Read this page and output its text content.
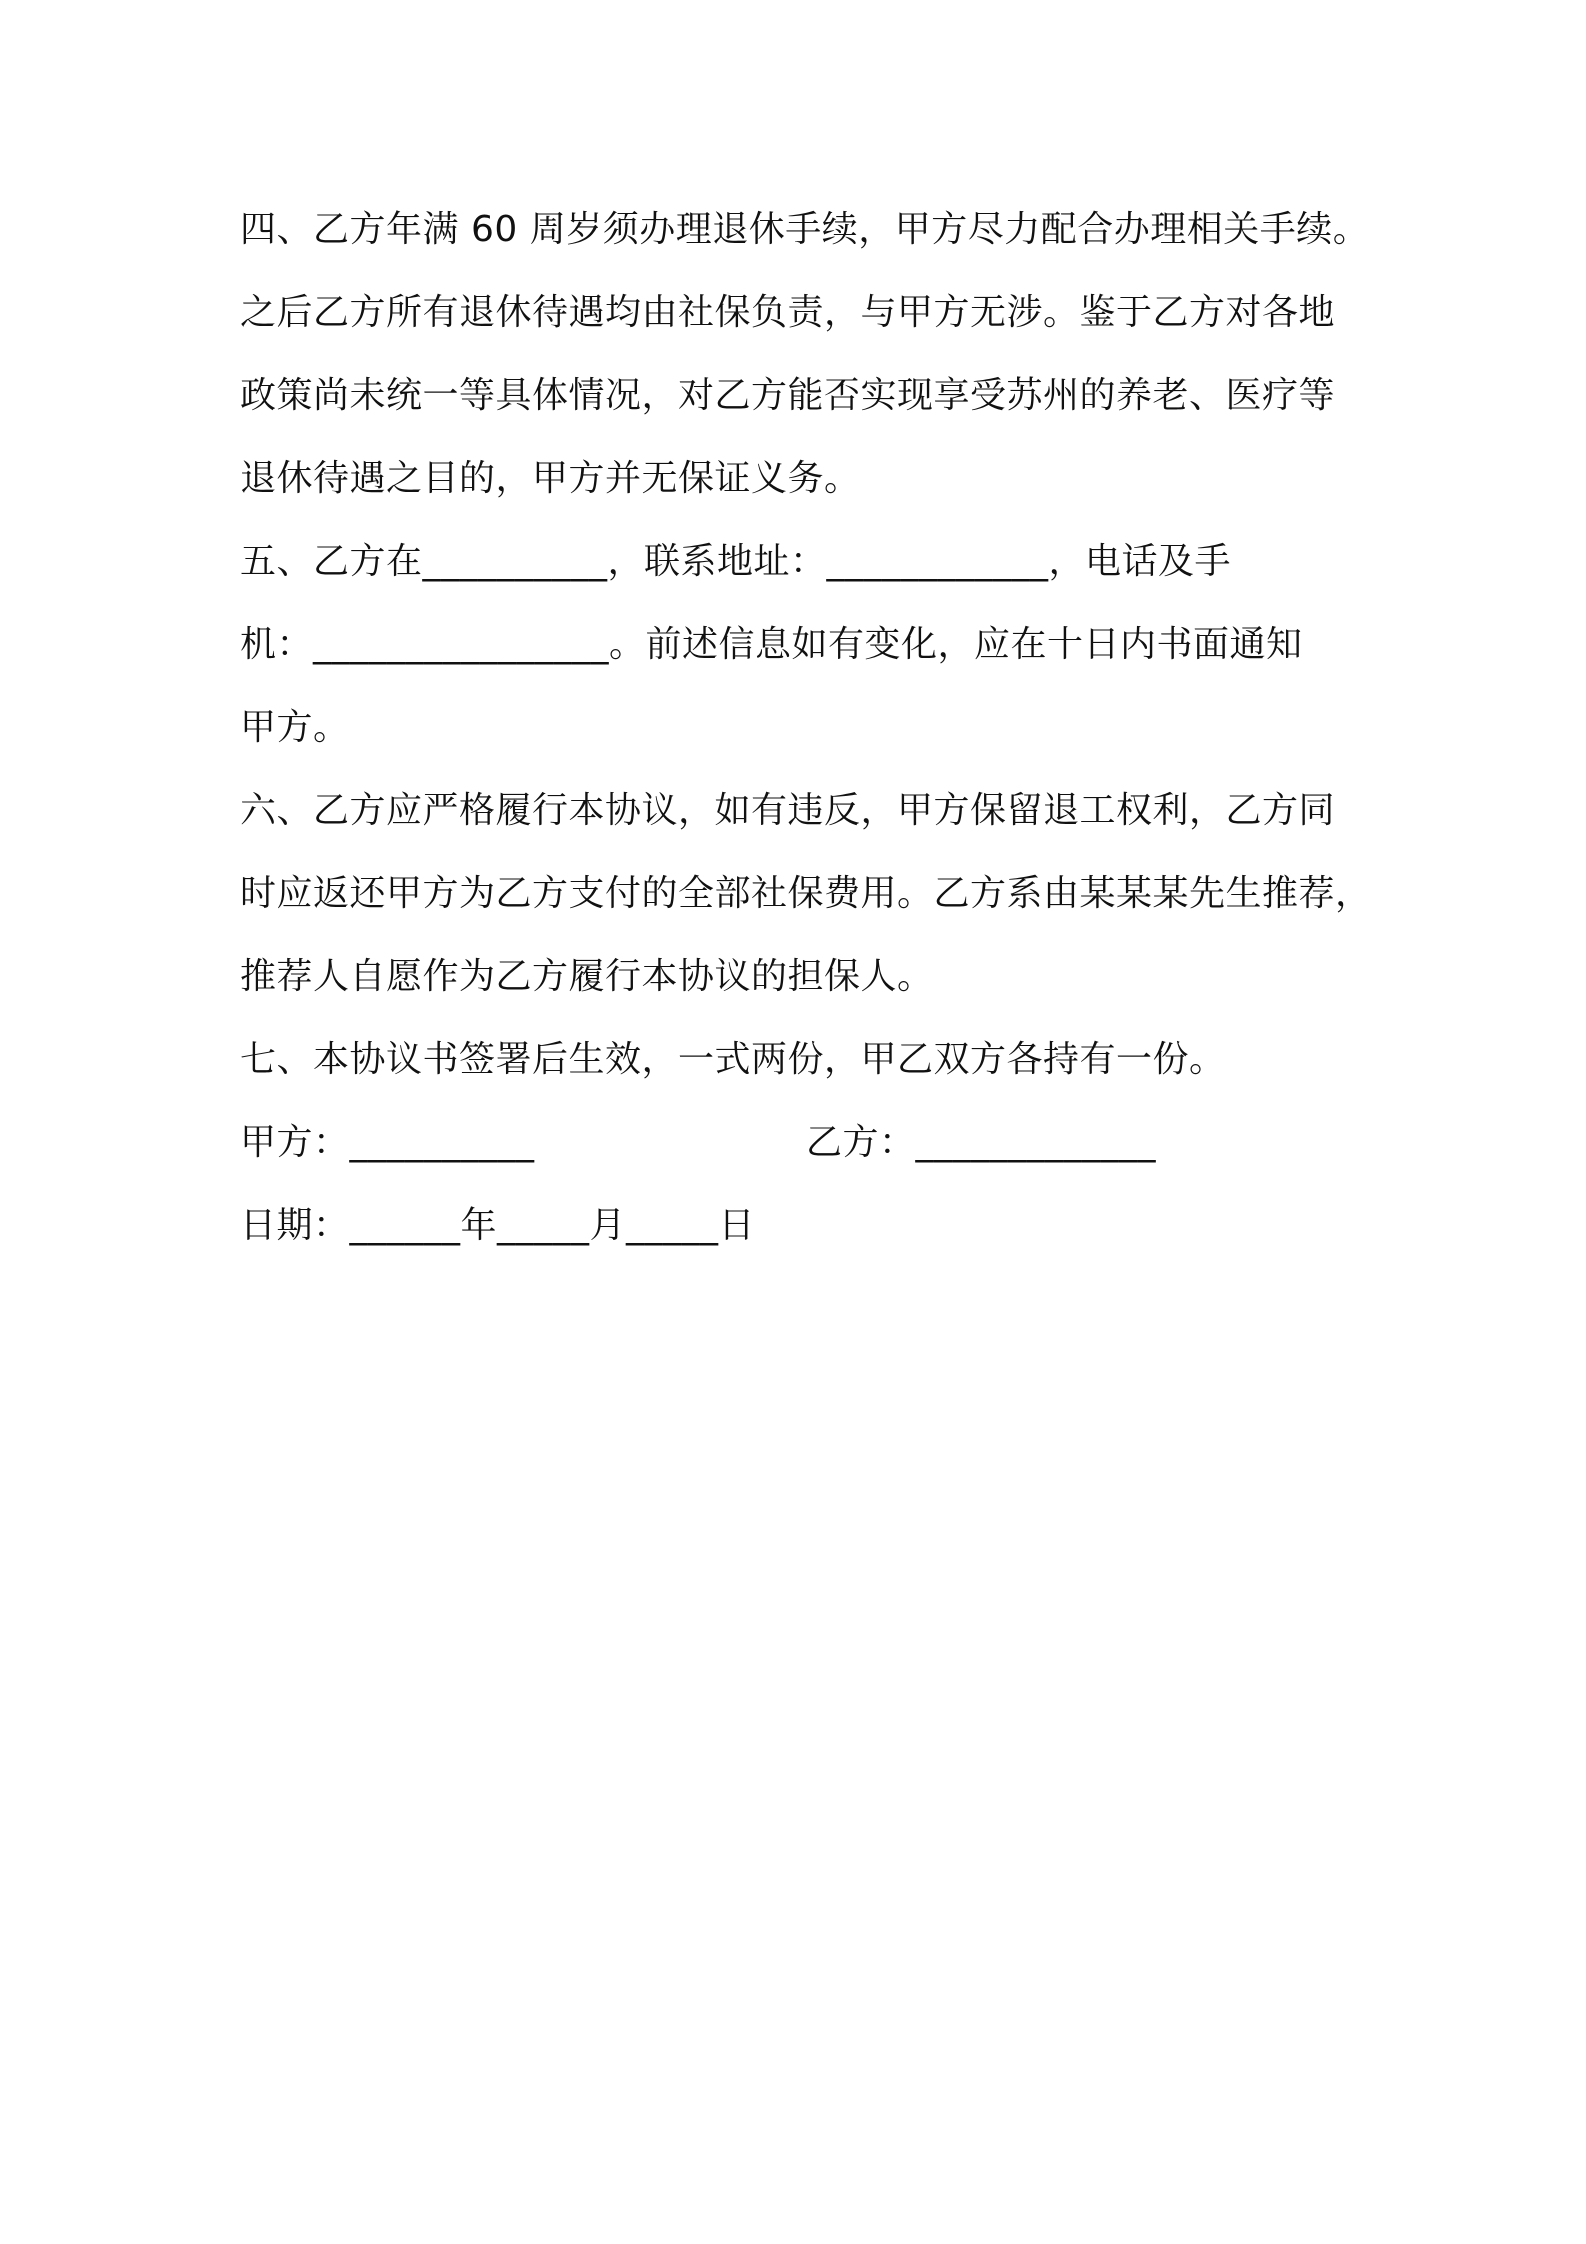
四、乙方年满 60 周岁须办理退休手续，甲方尽力配合办理相关手续。
之后乙方所有退休待遇均由社保负责，与甲方无涉。鉴于乙方对各地
政策尚未统一等具体情况，对乙方能否实现享受苏州的养老、医疗等
退休待遇之目的，甲方并无保证义务。
五、乙方在__________，联系地址：____________，电话及手
机：________________。前述信息如有变化，应在十日内书面通知
甲方。
六、乙方应严格履行本协议，如有违反，甲方保留退工权利，乙方同
时应返还甲方为乙方支付的全部社保费用。乙方系由某某某先生推荐，
推荐人自愿作为乙方履行本协议的担保人。
七、本协议书签署后生效，一式两份，甲乙双方各持有一份。
甲方：__________	乙方：_____________
日期：______年_____月_____日
